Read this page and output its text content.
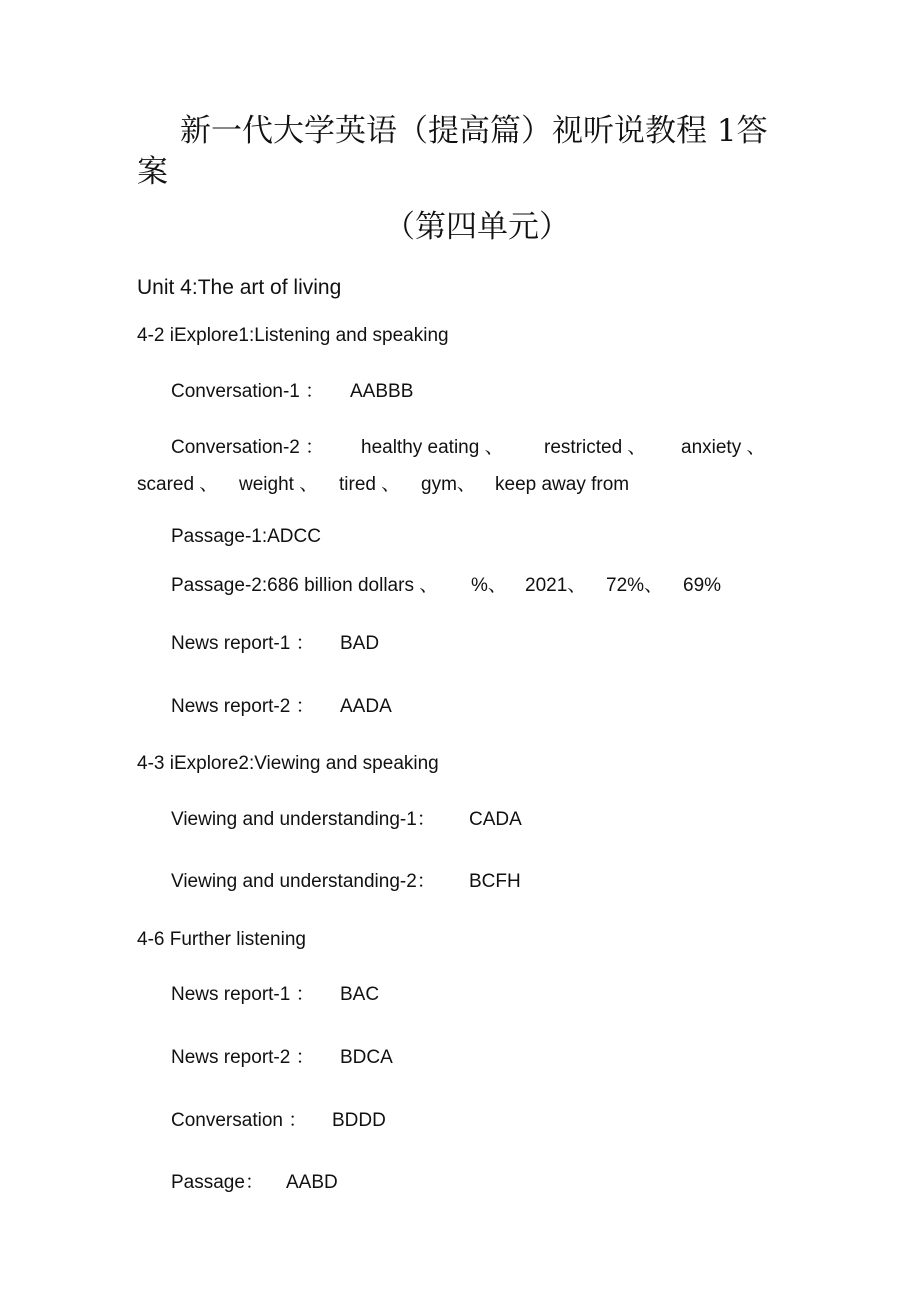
新一代大学英语（提高篇）视听说教程 1答
案
（第四单元）
Unit 4:The art of living
4-2 iExplore1:Listening and speaking
Conversation-1 ： AABBB
Conversation-2 ： healthy eating 、 restricted 、 anxiety 、
scared 、 weight 、 tired 、 gym、 keep away from
Passage-1:ADCC
Passage-2:686 billion dollars 、 %、 2021、 72%、 69%
News report-1 ： BAD
News report-2 ： AADA
4-3 iExplore2:Viewing and speaking
Viewing and understanding-1： CADA
Viewing and understanding-2： BCFH
4-6 Further listening
News report-1 ： BAC
News report-2 ： BDCA
Conversation ： BDDD
Passage： AABD
